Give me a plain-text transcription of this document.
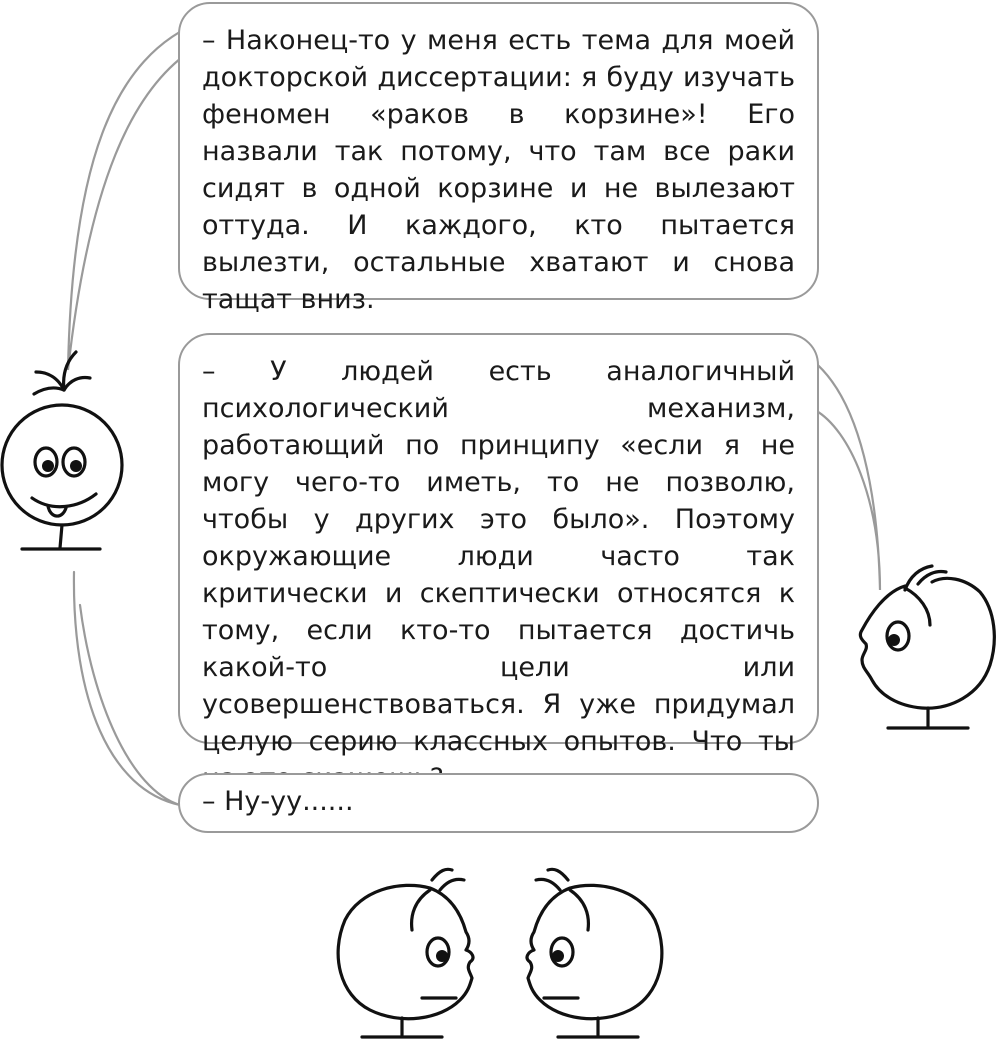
– Наконец-то у меня есть тема для моей докторской диссертации: я буду изучать феномен «раков в корзине»! Его назвали так потому, что там все раки сидят в одной корзине и не вылезают оттуда. И каждого, кто пытается вылезти, остальные хватают и снова тащат вниз.

– У людей есть аналогичный психологический механизм, работающий по принципу «если я не могу чего-то иметь, то не позволю, чтобы у других это было». Поэтому окружающие люди часто так критически и скептически относятся к тому, если кто-то пытается достичь какой-то цели или усовершенствоваться. Я уже придумал целую серию классных опытов. Что ты

– Ну-уу......
